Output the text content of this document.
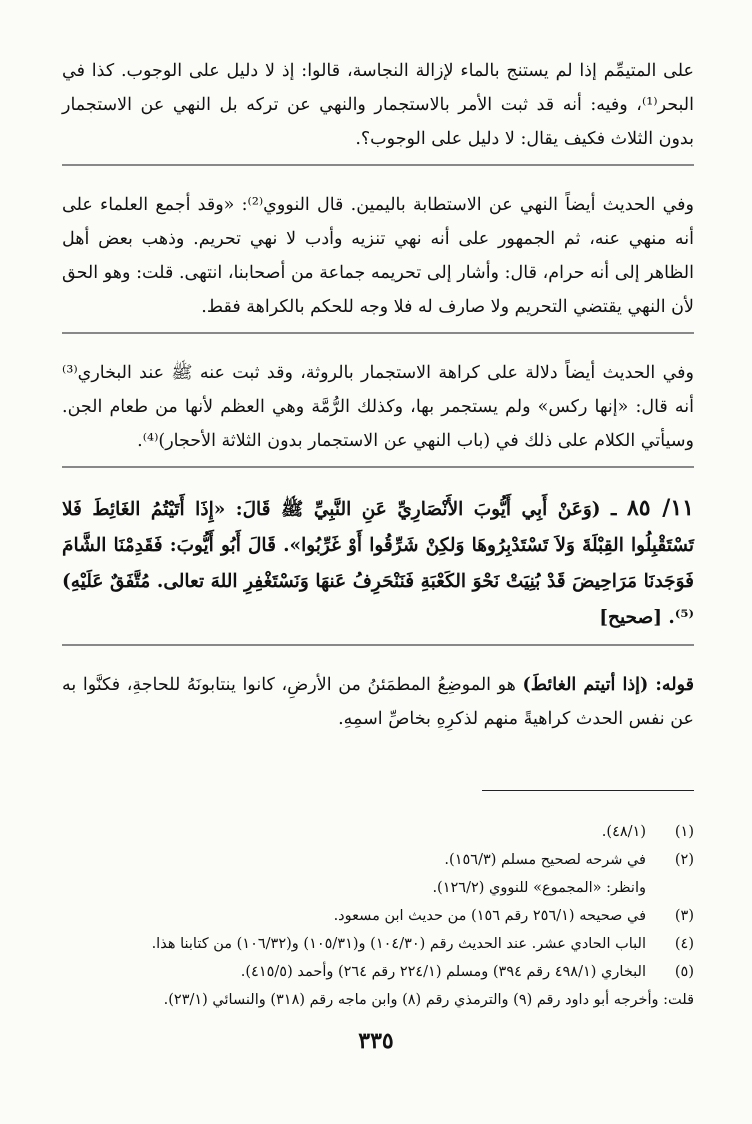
على المتيمِّم إذا لم يستنج بالماء لإزالة النجاسة، قالوا: إذ لا دليل على الوجوب. كذا في البحر⁽¹⁾، وفيه: أنه قد ثبت الأمر بالاستجمار والنهي عن تركه بل النهي عن الاستجمار بدون الثلاث فكيف يقال: لا دليل على الوجوب؟.

وفي الحديث أيضاً النهي عن الاستطابة باليمين. قال النووي⁽²⁾: «وقد أجمع العلماء على أنه منهي عنه، ثم الجمهور على أنه نهي تنزيه وأدب لا نهي تحريم. وذهب بعض أهل الظاهر إلى أنه حرام، قال: وأشار إلى تحريمه جماعة من أصحابنا، انتهى. قلت: وهو الحق لأن النهي يقتضي التحريم ولا صارف له فلا وجه للحكم بالكراهة فقط.

وفي الحديث أيضاً دلالة على كراهة الاستجمار بالروثة، وقد ثبت عنه ﷺ عند البخاري⁽³⁾ أنه قال: «إنها ركس» ولم يستجمر بها، وكذلك الرُّمَّة وهي العظم لأنها من طعام الجن. وسيأتي الكلام على ذلك في (باب النهي عن الاستجمار بدون الثلاثة الأحجار)⁽⁴⁾.

١١/ ٨٥ ـ (وَعَنْ أَبِي أَيُّوبَ الأَنْصَارِيِّ عَنِ النَّبِيِّ ﷺ قَالَ: «إِذَا أَتَيْتُمُ الغَائِطَ فَلا تَسْتَقْبِلُوا القِبْلَةَ وَلاَ تَسْتَدْبِرُوهَا وَلكِنْ شَرِّقُوا أَوْ غَرِّبُوا». قَالَ أَبُو أَيُّوبَ: فَقَدِمْنَا الشَّامَ فَوَجَدنَا مَرَاحِيضَ قَدْ بُنِيَتْ نَحْوَ الكَعْبَةِ فَنَنْحَرِفُ عَنهَا وَنَسْتَغْفِرِ اللهَ تعالى. مُتَّفَقٌ عَلَيْهِ)⁽⁵⁾. [صحيح]

قوله: (إذا أتيتم الغائطَ) هو الموضِعُ المطمَئنُ من الأرضِ، كانوا ينتابونَهُ للحاجةِ، فكنَّوا به عن نفس الحدث كراهيةً منهم لذكرِهِ بخاصِّ اسمِهِ.

(١)
(٤٨/١).
(٢)
في شرحه لصحيح مسلم (١٥٦/٣).
وانظر: «المجموع» للنووي (١٢٦/٢).
(٣)
في صحيحه (٢٥٦/١ رقم ١٥٦) من حديث ابن مسعود.
(٤)
الباب الحادي عشر. عند الحديث رقم (١٠٤/٣٠) و(١٠٥/٣١) و(١٠٦/٣٢) من كتابنا هذا.
(٥)
البخاري (٤٩٨/١ رقم ٣٩٤) ومسلم (٢٢٤/١ رقم ٢٦٤) وأحمد (٤١٥/٥).
قلت: وأخرجه أبو داود رقم (٩) والترمذي رقم (٨) وابن ماجه رقم (٣١٨) والنسائي (٢٣/١).
٣٣٥
